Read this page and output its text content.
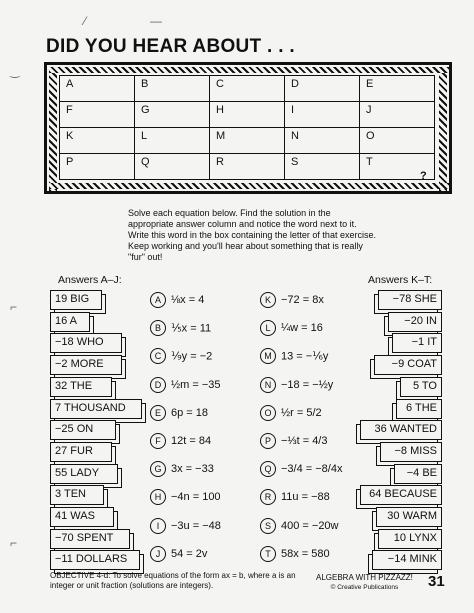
⁄	—
‿
⌐
⌐
DID YOU HEAR ABOUT . . .
A	B	C	D	E
F	G	H	I	J
K	L	M	N	O
P	Q	R	S	T
?
Solve each equation below. Find the solution in the appropriate answer column and notice the word next to it. Write this word in the box containing the letter of that exercise. Keep working and you'll hear about something that is really "fur" out!
Answers A–J:	Answers K–T:
19 BIG
16 A
−18 WHO
−2 MORE
32 THE
7 THOUSAND
−25 ON
27 FUR
55 LADY
3 TEN
41 WAS
−70 SPENT
−11 DOLLARS
−78 SHE
−20 IN
−1 IT
−9 COAT
5 TO
6 THE
36 WANTED
−8 MISS
−4 BE
64 BECAUSE
30 WARM
10 LYNX
−14 MINK
A ⅛x = 4
B ⅕x = 11
C ⅑y = −2
D ½m = −35
E 6p = 18
F 12t = 84
G 3x = −33
H −4n = 100
I −3u = −48
J 54 = 2v
K −72 = 8x
L ¼w = 16
M 13 = −⅙y
N −18 = −½y
O ½r = 5/2
P −⅓t = 4/3
Q −3/4 = −8/4x
R 11u = −88
S 400 = −20w
T 58x = 580
OBJECTIVE 4-d: To solve equations of the form ax = b, where a is an integer or unit fraction (solutions are integers).
ALGEBRA WITH PIZZAZZ!
© Creative Publications	31
